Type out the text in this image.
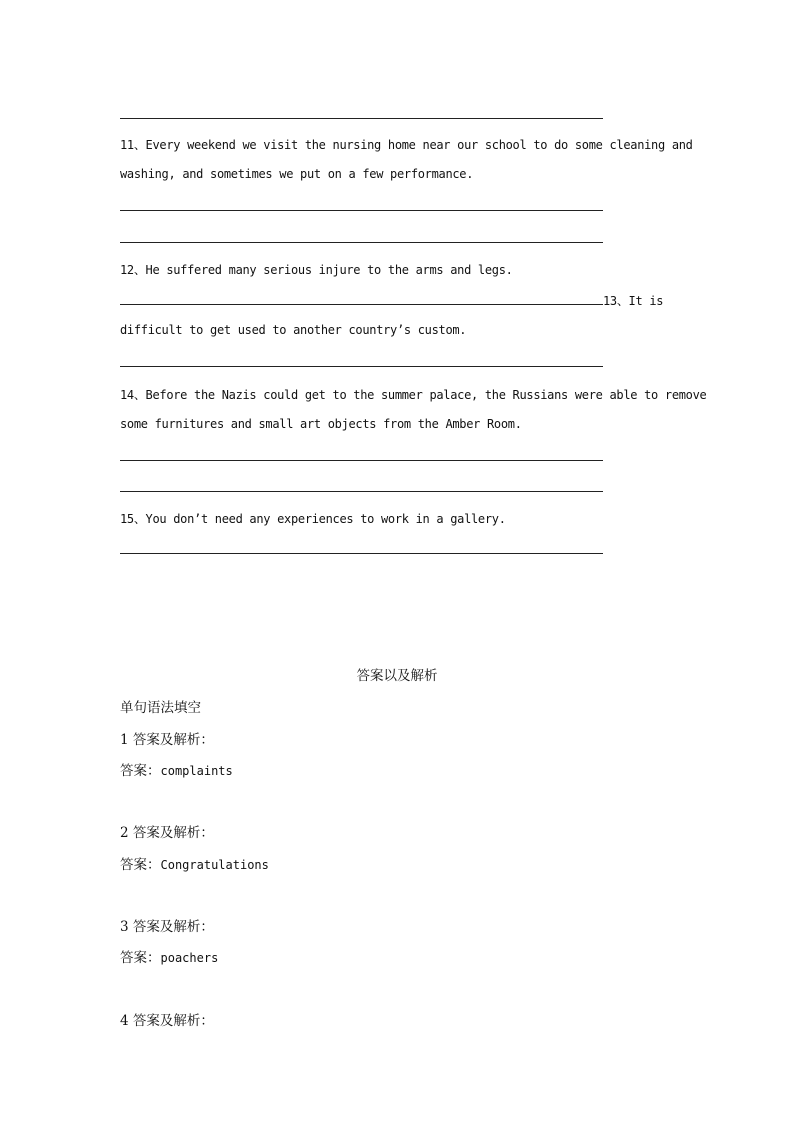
11、Every weekend we visit the nursing home near our school to do some cleaning and
washing, and sometimes we put on a few performance.
12、He suffered many serious injure to the arms and legs.
13、It is
difficult to get used to another country’s custom.
14、Before the Nazis could get to the summer palace, the Russians were able to remove
some furnitures and small art objects from the Amber Room.
15、You don’t need any experiences to work in a gallery.
答案以及解析
单句语法填空
1 答案及解析：
答案：complaints
2 答案及解析：
答案：Congratulations
3 答案及解析：
答案：poachers
4 答案及解析：
